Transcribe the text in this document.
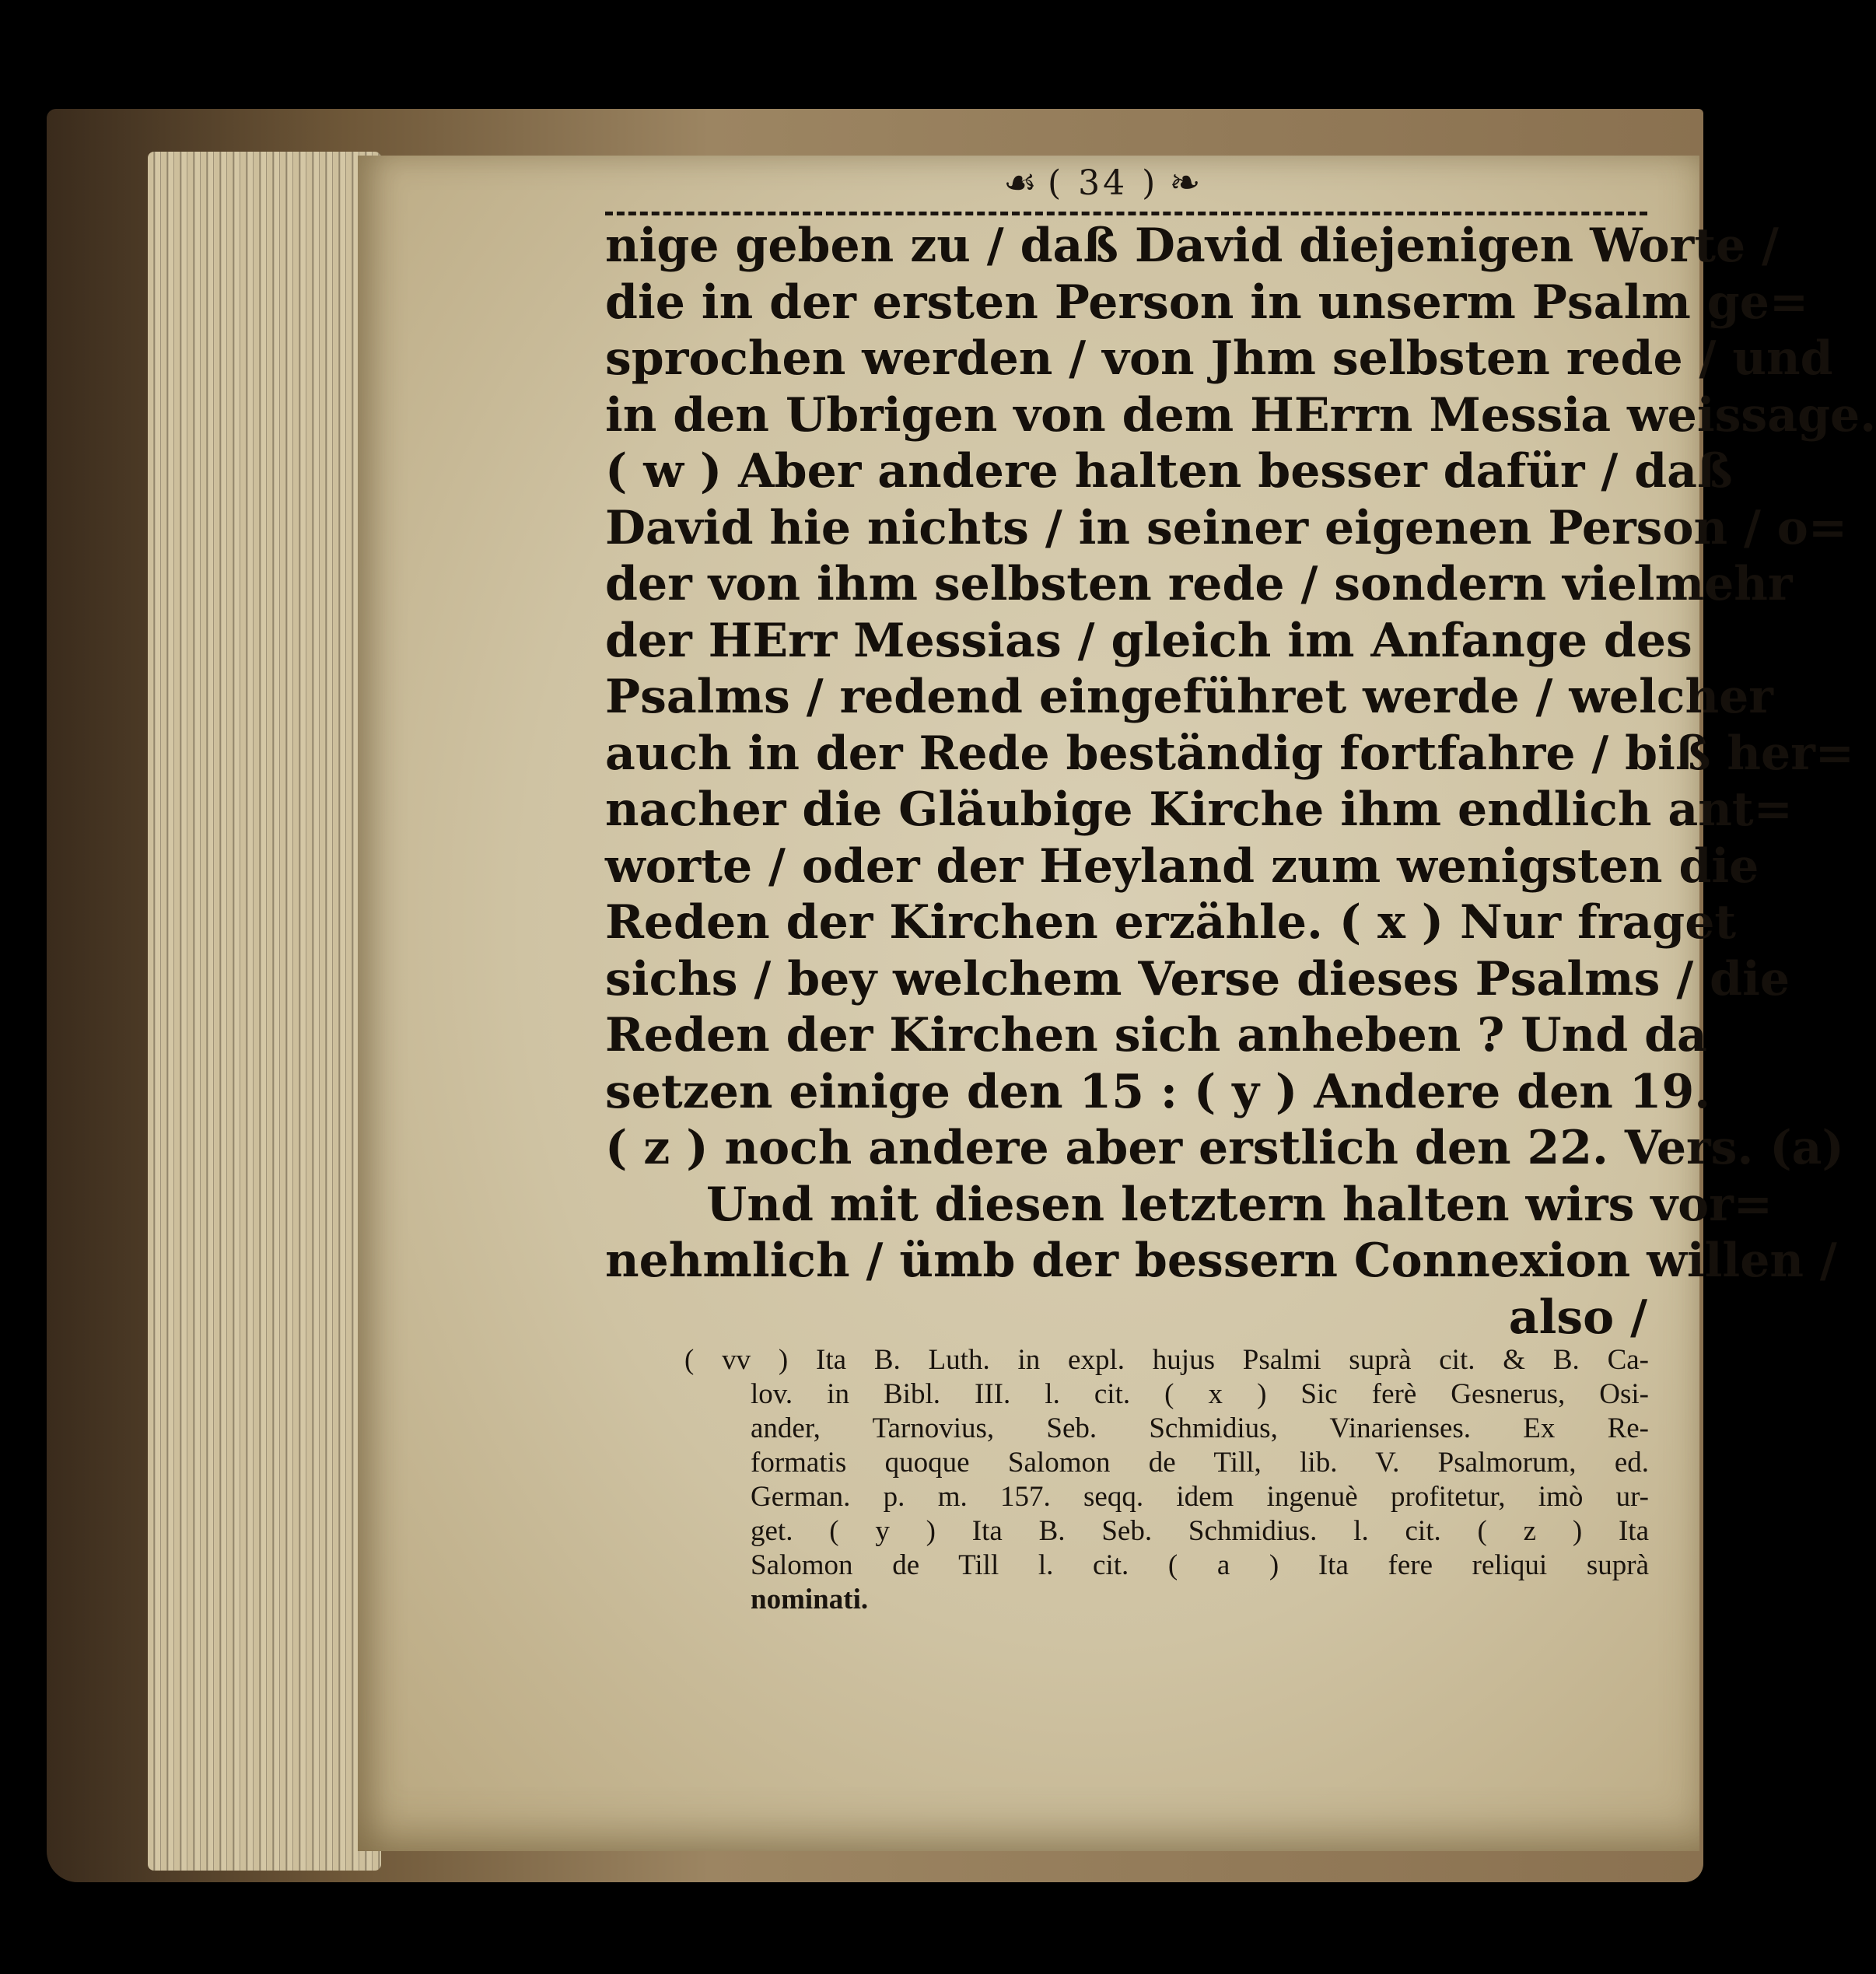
☙ ( 34 ) ❧
nige geben zu / daß David diejenigen Worte /
die in der ersten Person in unserm Psalm ge=
sprochen werden / von Jhm selbsten rede / und
in den Ubrigen von dem HErrn Messia weissage.
( w ) Aber andere halten besser dafür / daß
David hie nichts / in seiner eigenen Person / o=
der von ihm selbsten rede / sondern vielmehr
der HErr Messias / gleich im Anfange des
Psalms / redend eingeführet werde / welcher
auch in der Rede beständig fortfahre / biß her=
nacher die Gläubige Kirche ihm endlich ant=
worte / oder der Heyland zum wenigsten die
Reden der Kirchen erzähle. ( x ) Nur fraget
sichs / bey welchem Verse dieses Psalms / die
Reden der Kirchen sich anheben ? Und da
setzen einige den 15 : ( y ) Andere den 19.
( z ) noch andere aber erstlich den 22. Vers. (a)
Und mit diesen letztern halten wirs vor=
nehmlich / ümb der bessern Connexion willen /
also /
( vv ) Ita B. Luth. in expl. hujus Psalmi suprà cit. & B. Ca-
lov. in Bibl. III. l. cit. ( x ) Sic ferè Gesnerus, Osi-
ander, Tarnovius, Seb. Schmidius, Vinarienses. Ex Re-
formatis quoque Salomon de Till, lib. V. Psalmorum, ed.
German. p. m. 157. seqq. idem ingenuè profitetur, imò ur-
get. ( y ) Ita B. Seb. Schmidius. l. cit. ( z ) Ita
Salomon de Till l. cit. ( a ) Ita fere reliqui suprà
nominati.
